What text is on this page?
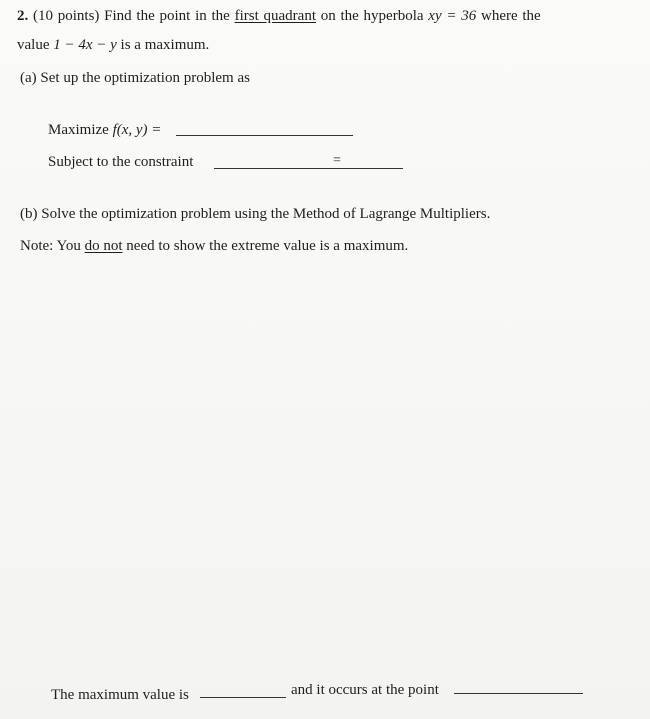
2. (10 points) Find the point in the first quadrant on the hyperbola xy = 36 where the
value 1 − 4x − y is a maximum.
(a) Set up the optimization problem as
Maximize f(x, y) =
Subject to the constraint	=
(b) Solve the optimization problem using the Method of Lagrange Multipliers.
Note: You do not need to show the extreme value is a maximum.
The maximum value is	and it occurs at the point
